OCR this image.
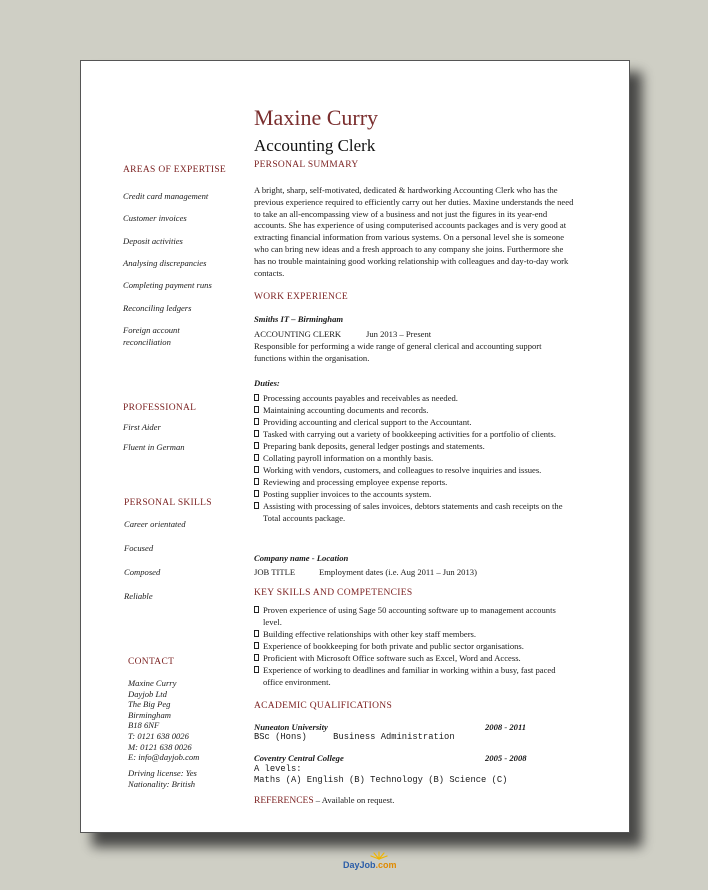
Maxine Curry
Accounting Clerk
AREAS OF EXPERTISE
Credit card management
Customer invoices
Deposit activities
Analysing discrepancies
Completing payment runs
Reconciling ledgers
Foreign account reconciliation
PROFESSIONAL
First Aider
Fluent in German
PERSONAL SKILLS
Career orientated
Focused
Composed
Reliable
CONTACT
Maxine Curry
Dayjob Ltd
The Big Peg
Birmingham
B18 6NF
T: 0121 638 0026
M: 0121 638 0026
E: info@dayjob.com
Driving license: Yes
Nationality: British
PERSONAL SUMMARY
A bright, sharp, self-motivated, dedicated & hardworking Accounting Clerk who has the previous experience required to efficiently carry out her duties. Maxine understands the need to take an all-encompassing view of a business and not just the figures in its year-end accounts. She has experience of using computerised accounts packages and is very good at extracting financial information from various systems. On a personal level she is someone who can bring new ideas and a fresh approach to any company she joins. Furthermore she has no trouble maintaining good working relationship with colleagues and day-to-day work contacts.
WORK EXPERIENCE
Smiths IT – Birmingham
ACCOUNTING CLERK	Jun 2013 – Present
Responsible for performing a wide range of general clerical and accounting support functions within the organisation.
Duties:
Processing accounts payables and receivables as needed.
Maintaining accounting documents and records.
Providing accounting and clerical support to the Accountant.
Tasked with carrying out a variety of bookkeeping activities for a portfolio of clients.
Preparing bank deposits, general ledger postings and statements.
Collating payroll information on a monthly basis.
Working with vendors, customers, and colleagues to resolve inquiries and issues.
Reviewing and processing employee expense reports.
Posting supplier invoices to the accounts system.
Assisting with processing of sales invoices, debtors statements and cash receipts on the Total accounts package.
Company name - Location
JOB TITLE	Employment dates (i.e. Aug 2011 – Jun 2013)
KEY SKILLS AND COMPETENCIES
Proven experience of using Sage 50 accounting software up to management accounts level.
Building effective relationships with other key staff members.
Experience of bookkeeping for both private and public sector organisations.
Proficient with Microsoft Office software such as Excel, Word and Access.
Experience of working to deadlines and familiar in working within a busy, fast paced office environment.
ACADEMIC QUALIFICATIONS
Nuneaton University	2008 - 2011
BSc (Hons)     Business Administration
Coventry Central College	2005 - 2008
A levels:
Maths (A) English (B) Technology (B) Science (C)
REFERENCES – Available on request.
DayJob.com
